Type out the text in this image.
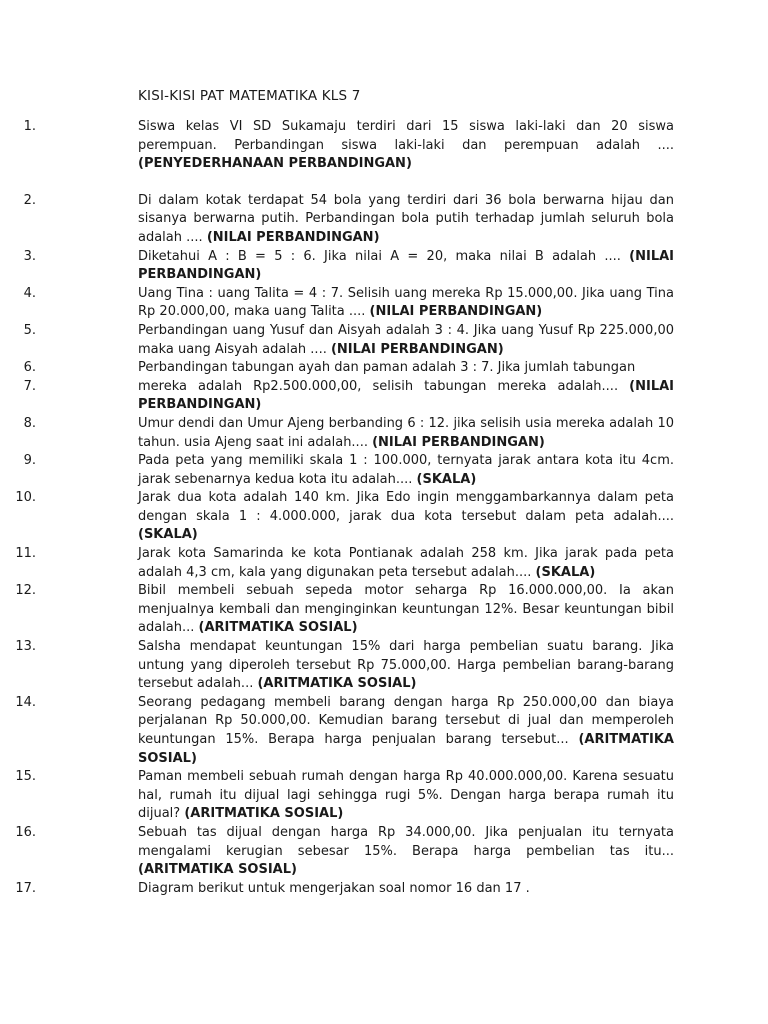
KISI-KISI PAT MATEMATIKA KLS 7
1.	Siswa kelas VI SD Sukamaju terdiri dari 15 siswa laki-laki dan 20 siswa perempuan. Perbandingan siswa laki-laki dan perempuan adalah .... (PENYEDERHANAAN PERBANDINGAN)
2.	Di dalam kotak terdapat 54 bola yang terdiri dari 36 bola berwarna hijau dan sisanya berwarna putih. Perbandingan bola putih terhadap jumlah seluruh bola adalah .... (NILAI PERBANDINGAN)
3.	Diketahui A : B = 5 : 6. Jika nilai A = 20, maka nilai B adalah .... (NILAI PERBANDINGAN)
4.	Uang Tina : uang Talita = 4 : 7. Selisih uang mereka Rp 15.000,00. Jika uang Tina Rp 20.000,00, maka uang Talita .... (NILAI PERBANDINGAN)
5.	Perbandingan uang Yusuf dan Aisyah adalah 3 : 4. Jika uang Yusuf Rp 225.000,00 maka uang Aisyah adalah .... (NILAI PERBANDINGAN)
6.	Perbandingan tabungan ayah dan paman adalah 3 : 7. Jika jumlah tabungan
7.	mereka adalah Rp2.500.000,00, selisih tabungan mereka adalah.... (NILAI PERBANDINGAN)
8.	Umur dendi dan Umur Ajeng berbanding 6 : 12. jika selisih usia mereka adalah 10 tahun. usia Ajeng saat ini adalah.... (NILAI PERBANDINGAN)
9.	Pada peta yang memiliki skala 1 : 100.000, ternyata jarak antara kota itu 4cm. jarak sebenarnya kedua kota itu adalah.... (SKALA)
10.	Jarak dua kota adalah 140 km. Jika Edo ingin menggambarkannya dalam peta dengan skala 1 : 4.000.000, jarak dua kota tersebut dalam peta adalah.... (SKALA)
11.	Jarak kota Samarinda ke kota Pontianak adalah 258 km. Jika jarak pada peta adalah 4,3 cm, kala yang digunakan peta tersebut adalah.... (SKALA)
12.	Bibil membeli sebuah sepeda motor seharga Rp 16.000.000,00. Ia akan menjualnya kembali dan menginginkan keuntungan 12%. Besar keuntungan bibil adalah... (ARITMATIKA SOSIAL)
13.	Salsha mendapat keuntungan 15% dari harga pembelian suatu barang. Jika untung yang diperoleh tersebut Rp 75.000,00. Harga pembelian barang-barang tersebut adalah... (ARITMATIKA SOSIAL)
14.	Seorang pedagang membeli barang dengan harga Rp 250.000,00 dan biaya perjalanan Rp 50.000,00. Kemudian barang tersebut di jual dan memperoleh keuntungan 15%. Berapa harga penjualan barang tersebut... (ARITMATIKA SOSIAL)
15.	Paman membeli sebuah rumah dengan harga Rp 40.000.000,00. Karena sesuatu hal, rumah itu dijual lagi sehingga rugi 5%. Dengan harga berapa rumah itu dijual? (ARITMATIKA SOSIAL)
16.	Sebuah tas dijual dengan harga Rp 34.000,00. Jika penjualan itu ternyata mengalami kerugian sebesar 15%. Berapa harga pembelian tas itu... (ARITMATIKA SOSIAL)
17.	Diagram berikut untuk mengerjakan soal nomor 16 dan 17 .
